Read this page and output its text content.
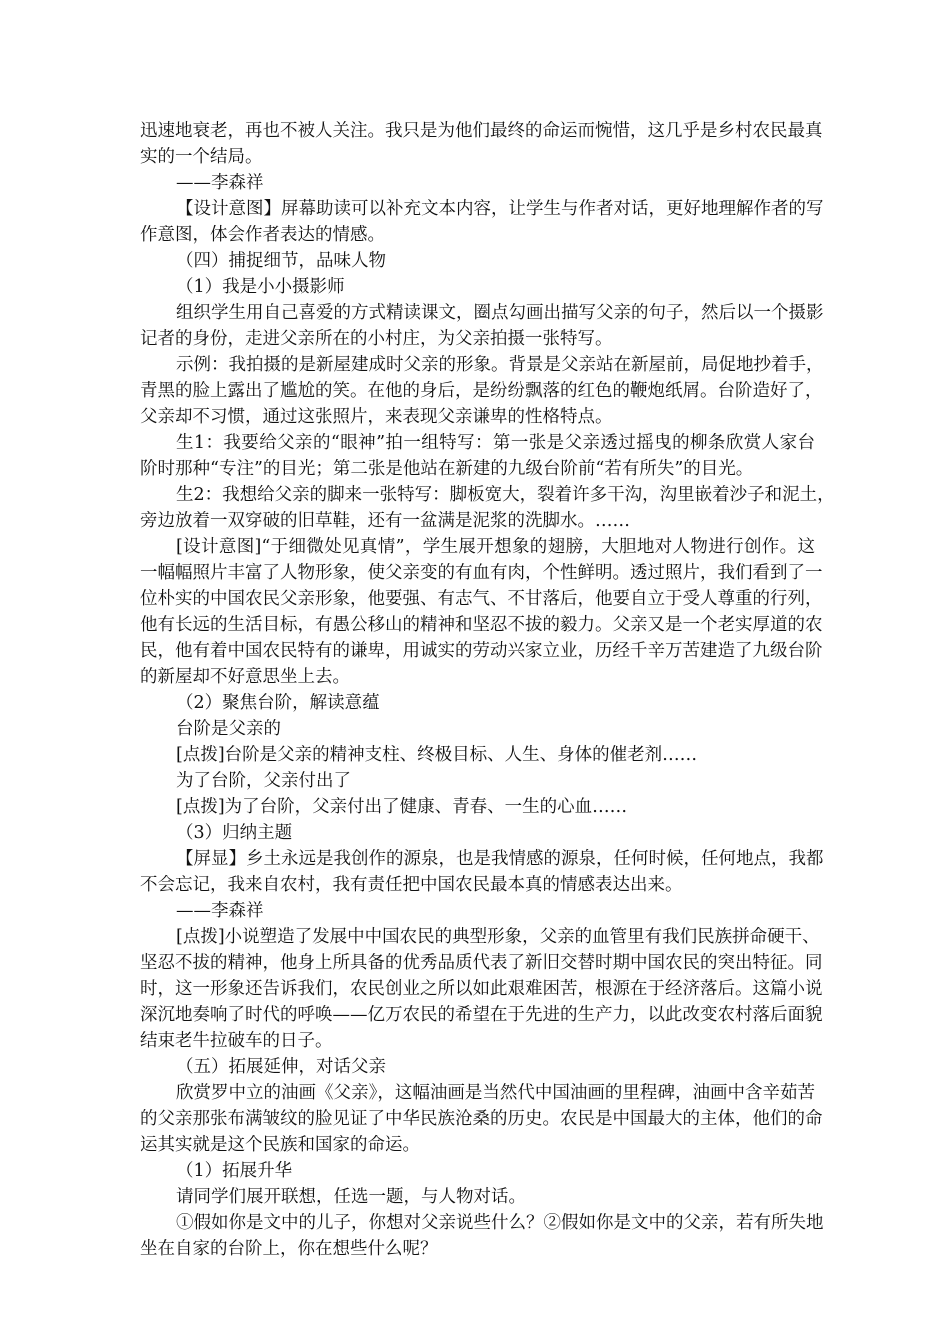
迅速地衰老，再也不被人关注。我只是为他们最终的命运而惋惜，这几乎是乡村农民最真

实的一个结局。

——李森祥

【设计意图】屏幕助读可以补充文本内容，让学生与作者对话，更好地理解作者的写

作意图，体会作者表达的情感。

（四）捕捉细节，品味人物

（1）我是小小摄影师

组织学生用自己喜爱的方式精读课文，圈点勾画出描写父亲的句子，然后以一个摄影

记者的身份，走进父亲所在的小村庄，为父亲拍摄一张特写。

示例：我拍摄的是新屋建成时父亲的形象。背景是父亲站在新屋前，局促地抄着手，

青黑的脸上露出了尴尬的笑。在他的身后，是纷纷飘落的红色的鞭炮纸屑。台阶造好了，

父亲却不习惯，通过这张照片，来表现父亲谦卑的性格特点。

生1：我要给父亲的“眼神”拍一组特写：第一张是父亲透过摇曳的柳条欣赏人家台

阶时那种“专注”的目光；第二张是他站在新建的九级台阶前“若有所失”的目光。

生2：我想给父亲的脚来一张特写：脚板宽大，裂着许多干沟，沟里嵌着沙子和泥土，

旁边放着一双穿破的旧草鞋，还有一盆满是泥浆的洗脚水。……

[设计意图]“于细微处见真情”，学生展开想象的翅膀，大胆地对人物进行创作。这

一幅幅照片丰富了人物形象，使父亲变的有血有肉，个性鲜明。透过照片，我们看到了一

位朴实的中国农民父亲形象，他要强、有志气、不甘落后，他要自立于受人尊重的行列，

他有长远的生活目标，有愚公移山的精神和坚忍不拔的毅力。父亲又是一个老实厚道的农

民，他有着中国农民特有的谦卑，用诚实的劳动兴家立业，历经千辛万苦建造了九级台阶

的新屋却不好意思坐上去。

（2）聚焦台阶，解读意蕴

台阶是父亲的

[点拨]台阶是父亲的精神支柱、终极目标、人生、身体的催老剂……

为了台阶，父亲付出了

[点拨]为了台阶，父亲付出了健康、青春、一生的心血……

（3）归纳主题

【屏显】乡土永远是我创作的源泉，也是我情感的源泉，任何时候，任何地点，我都

不会忘记，我来自农村，我有责任把中国农民最本真的情感表达出来。

——李森祥

[点拨]小说塑造了发展中中国农民的典型形象，父亲的血管里有我们民族拼命硬干、

坚忍不拔的精神，他身上所具备的优秀品质代表了新旧交替时期中国农民的突出特征。同

时，这一形象还告诉我们，农民创业之所以如此艰难困苦，根源在于经济落后。这篇小说

深沉地奏响了时代的呼唤——亿万农民的希望在于先进的生产力，以此改变农村落后面貌

结束老牛拉破车的日子。

（五）拓展延伸，对话父亲

欣赏罗中立的油画《父亲》，这幅油画是当然代中国油画的里程碑，油画中含辛茹苦

的父亲那张布满皱纹的脸见证了中华民族沧桑的历史。农民是中国最大的主体，他们的命

运其实就是这个民族和国家的命运。

（1）拓展升华

请同学们展开联想，任选一题，与人物对话。

①假如你是文中的儿子，你想对父亲说些什么？②假如你是文中的父亲，若有所失地

坐在自家的台阶上，你在想些什么呢？
